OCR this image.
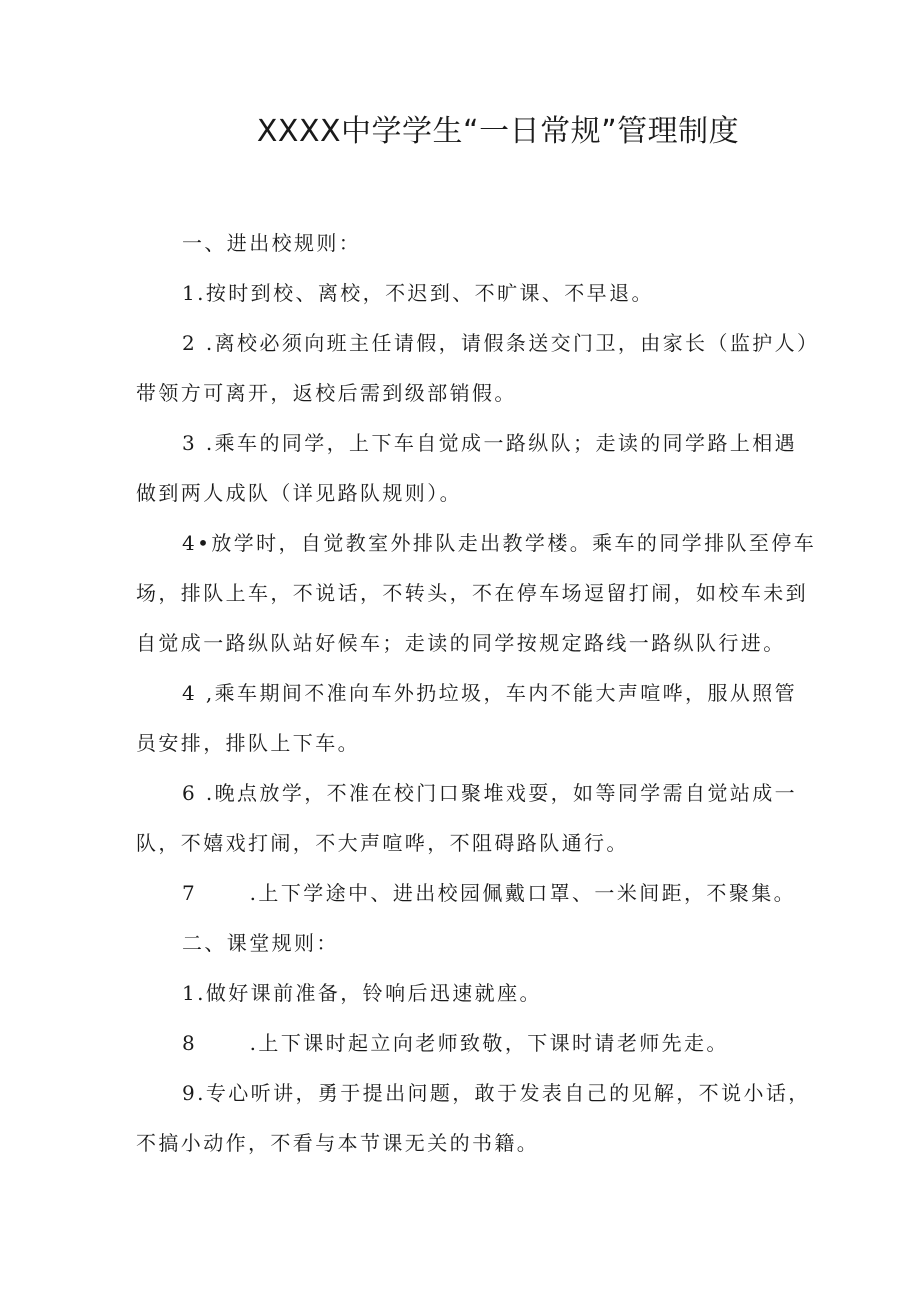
XXXX中学学生“一日常规”管理制度

一、进出校规则：

1.按时到校、离校，不迟到、不旷课、不早退。

2 .离校必须向班主任请假，请假条送交门卫，由家长（监护人）

带领方可离开，返校后需到级部销假。

3 .乘车的同学，上下车自觉成一路纵队；走读的同学路上相遇

做到两人成队（详见路队规则）。

4•放学时，自觉教室外排队走出教学楼。乘车的同学排队至停车

场，排队上车，不说话，不转头，不在停车场逗留打闹，如校车未到

自觉成一路纵队站好候车；走读的同学按规定路线一路纵队行进。

4 ,乘车期间不准向车外扔垃圾，车内不能大声喧哗，服从照管

员安排，排队上下车。

6 .晚点放学，不准在校门口聚堆戏耍，如等同学需自觉站成一

队，不嬉戏打闹，不大声喧哗，不阻碍路队通行。

7      .上下学途中、进出校园佩戴口罩、一米间距，不聚集。

二、课堂规则：

1.做好课前准备，铃响后迅速就座。

8      .上下课时起立向老师致敬，下课时请老师先走。

9.专心听讲，勇于提出问题，敢于发表自己的见解，不说小话，

不搞小动作，不看与本节课无关的书籍。
